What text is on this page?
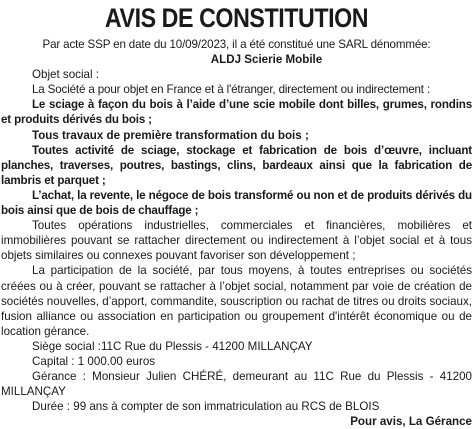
AVIS DE CONSTITUTION

Par acte SSP en date du 10/09/2023, il a été constitué une SARL dénommée:

ALDJ Scierie Mobile

Objet social :

La Société a pour objet en France et à l'étranger, directement ou indirectement :

Le sciage à façon du bois à l’aide d’une scie mobile dont billes, grumes, rondins et produits dérivés du bois ;

Tous travaux de première transformation du bois ;

Toutes activité de sciage, stockage et fabrication de bois d’œuvre, incluant planches, traverses, poutres, bastings, clins, bardeaux ainsi que la fabrication de lambris et parquet ;

L’achat, la revente, le négoce de bois transformé ou non et de produits dérivés du bois ainsi que de bois de chauffage ;

Toutes opérations industrielles, commerciales et financières, mobilières et immobilières pouvant se rattacher directement ou indirectement à l’objet social et à tous objets similaires ou connexes pouvant favoriser son développement ;

La participation de la société, par tous moyens, à toutes entreprises ou sociétés créées ou à créer, pouvant se rattacher à l’objet social, notamment par voie de création de sociétés nouvelles, d’apport, commandite, souscription ou rachat de titres ou droits sociaux, fusion alliance ou association en participation ou groupement d'intérêt économique ou de location gérance.

Siège social :11C Rue du Plessis - 41200 MILLANÇAY

Capital : 1 000.00 euros

Gérance : Monsieur Julien CHÉRÉ, demeurant au 11C Rue du Plessis - 41200 MILLANÇAY

Durée : 99 ans à compter de son immatriculation au RCS de BLOIS

Pour avis, La Gérance
